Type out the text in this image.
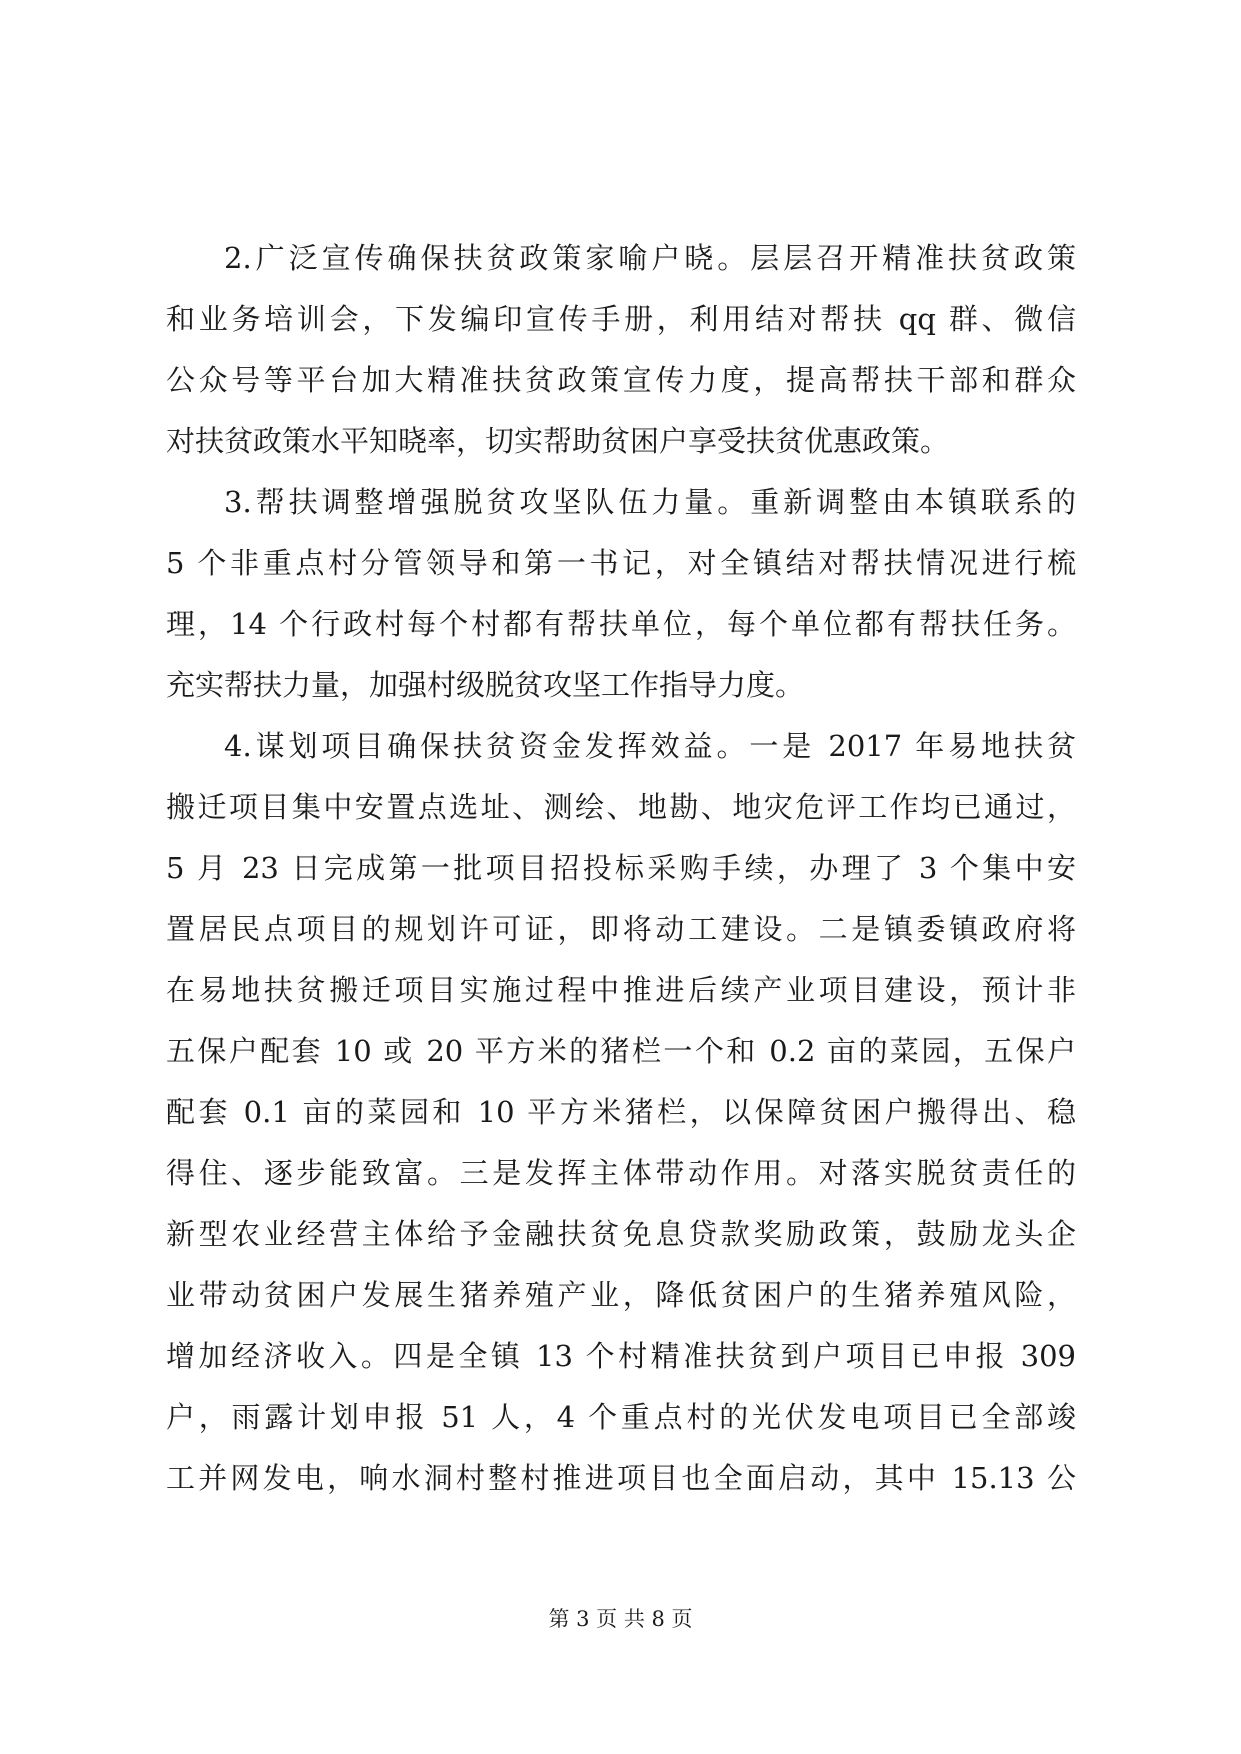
2.广泛宣传确保扶贫政策家喻户晓。层层召开精准扶贫政策
和业务培训会，下发编印宣传手册，利用结对帮扶 qq 群、微信
公众号等平台加大精准扶贫政策宣传力度，提高帮扶干部和群众
对扶贫政策水平知晓率，切实帮助贫困户享受扶贫优惠政策。
3.帮扶调整增强脱贫攻坚队伍力量。重新调整由本镇联系的
5 个非重点村分管领导和第一书记，对全镇结对帮扶情况进行梳
理，14 个行政村每个村都有帮扶单位，每个单位都有帮扶任务。
充实帮扶力量，加强村级脱贫攻坚工作指导力度。
4.谋划项目确保扶贫资金发挥效益。一是 2017 年易地扶贫
搬迁项目集中安置点选址、测绘、地勘、地灾危评工作均已通过，
5 月 23 日完成第一批项目招投标采购手续，办理了 3 个集中安
置居民点项目的规划许可证，即将动工建设。二是镇委镇政府将
在易地扶贫搬迁项目实施过程中推进后续产业项目建设，预计非
五保户配套 10 或 20 平方米的猪栏一个和 0.2 亩的菜园，五保户
配套 0.1 亩的菜园和 10 平方米猪栏，以保障贫困户搬得出、稳
得住、逐步能致富。三是发挥主体带动作用。对落实脱贫责任的
新型农业经营主体给予金融扶贫免息贷款奖励政策，鼓励龙头企
业带动贫困户发展生猪养殖产业，降低贫困户的生猪养殖风险，
增加经济收入。四是全镇 13 个村精准扶贫到户项目已申报 309
户，雨露计划申报 51 人，4 个重点村的光伏发电项目已全部竣
工并网发电，响水洞村整村推进项目也全面启动，其中 15.13 公
第 3 页 共 8 页
